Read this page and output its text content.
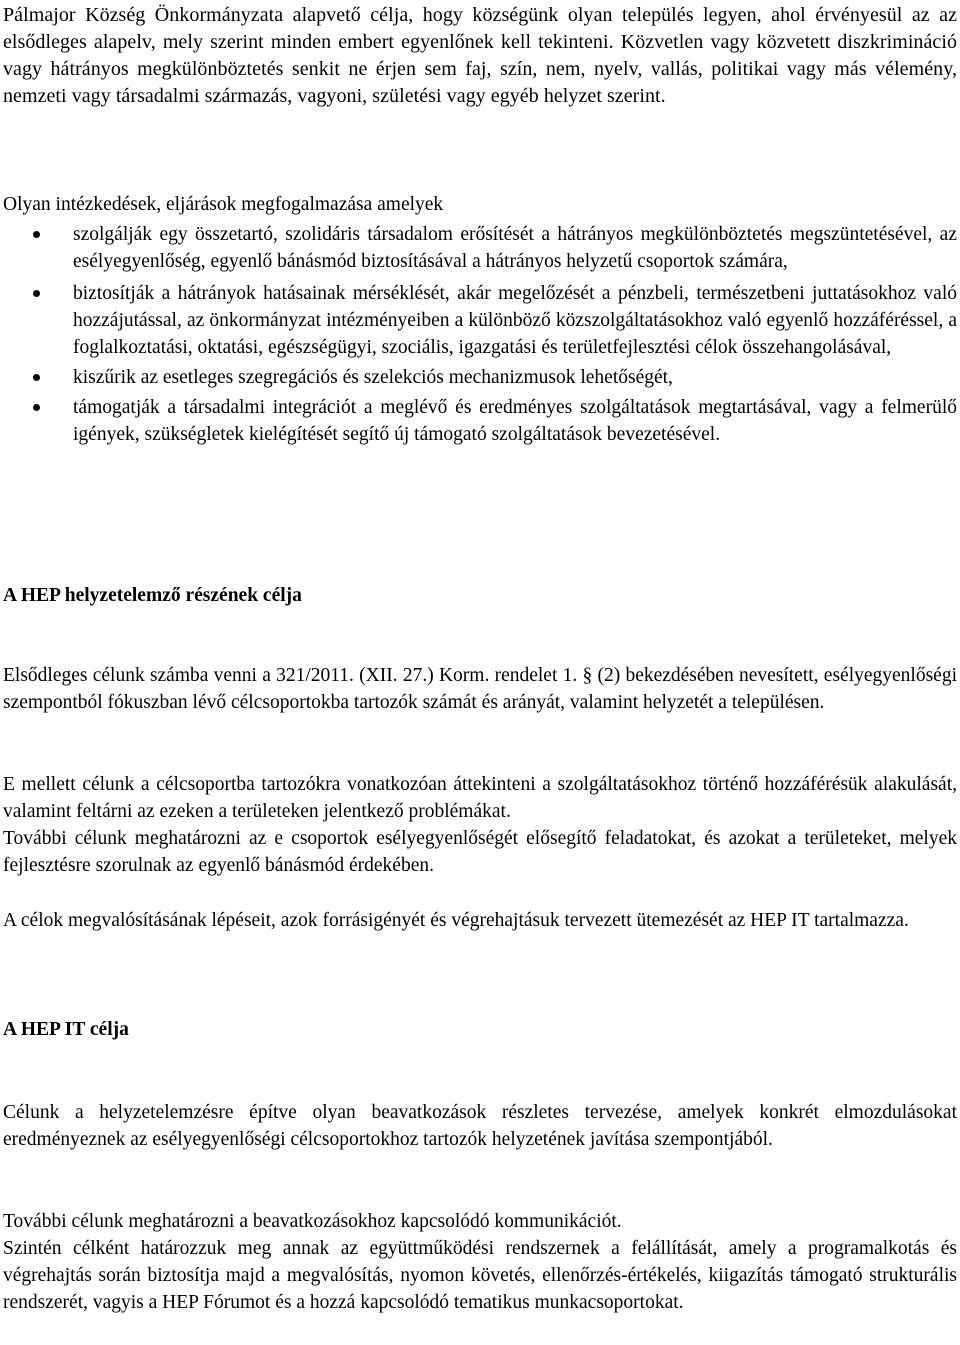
Pálmajor Község Önkormányzata alapvető célja, hogy községünk olyan település legyen, ahol érvényesül az az elsődleges alapelv, mely szerint minden embert egyenlőnek kell tekinteni. Közvetlen vagy közvetett diszkrimináció vagy hátrányos megkülönböztetés senkit ne érjen sem faj, szín, nem, nyelv, vallás, politikai vagy más vélemény, nemzeti vagy társadalmi származás, vagyoni, születési vagy egyéb helyzet szerint.

Olyan intézkedések, eljárások megfogalmazása amelyek

szolgálják egy összetartó, szolidáris társadalom erősítését a hátrányos megkülönböztetés megszüntetésével, az esélyegyenlőség, egyenlő bánásmód biztosításával a hátrányos helyzetű csoportok számára,
biztosítják a hátrányok hatásainak mérséklését, akár megelőzését a pénzbeli, természetbeni juttatásokhoz való hozzájutással, az önkormányzat intézményeiben a különböző közszolgáltatásokhoz való egyenlő hozzáféréssel, a foglalkoztatási, oktatási, egészségügyi, szociális, igazgatási és területfejlesztési célok összehangolásával,
kiszűrik az esetleges szegregációs és szelekciós mechanizmusok lehetőségét,
támogatják a társadalmi integrációt a meglévő és eredményes szolgáltatások megtartásával, vagy a felmerülő igények, szükségletek kielégítését segítő új támogató szolgáltatások bevezetésével.
A HEP helyzetelemző részének célja

Elsődleges célunk számba venni a 321/2011. (XII. 27.) Korm. rendelet 1. § (2) bekezdésében nevesített, esélyegyenlőségi szempontból fókuszban lévő célcsoportokba tartozók számát és arányát, valamint helyzetét a településen.

E mellett célunk a célcsoportba tartozókra vonatkozóan áttekinteni a szolgáltatásokhoz történő hozzáférésük alakulását, valamint feltárni az ezeken a területeken jelentkező problémákat.

További célunk meghatározni az e csoportok esélyegyenlőségét elősegítő feladatokat, és azokat a területeket, melyek fejlesztésre szorulnak az egyenlő bánásmód érdekében.

A célok megvalósításának lépéseit, azok forrásigényét és végrehajtásuk tervezett ütemezését az HEP IT tartalmazza.

A HEP IT célja

Célunk a helyzetelemzésre építve olyan beavatkozások részletes tervezése, amelyek konkrét elmozdulásokat eredményeznek az esélyegyenlőségi célcsoportokhoz tartozók helyzetének javítása szempontjából.

További célunk meghatározni a beavatkozásokhoz kapcsolódó kommunikációt.

Szintén célként határozzuk meg annak az együttműködési rendszernek a felállítását, amely a programalkotás és végrehajtás során biztosítja majd a megvalósítás, nyomon követés, ellenőrzés-értékelés, kiigazítás támogató strukturális rendszerét, vagyis a HEP Fórumot és a hozzá kapcsolódó tematikus munkacsoportokat.
